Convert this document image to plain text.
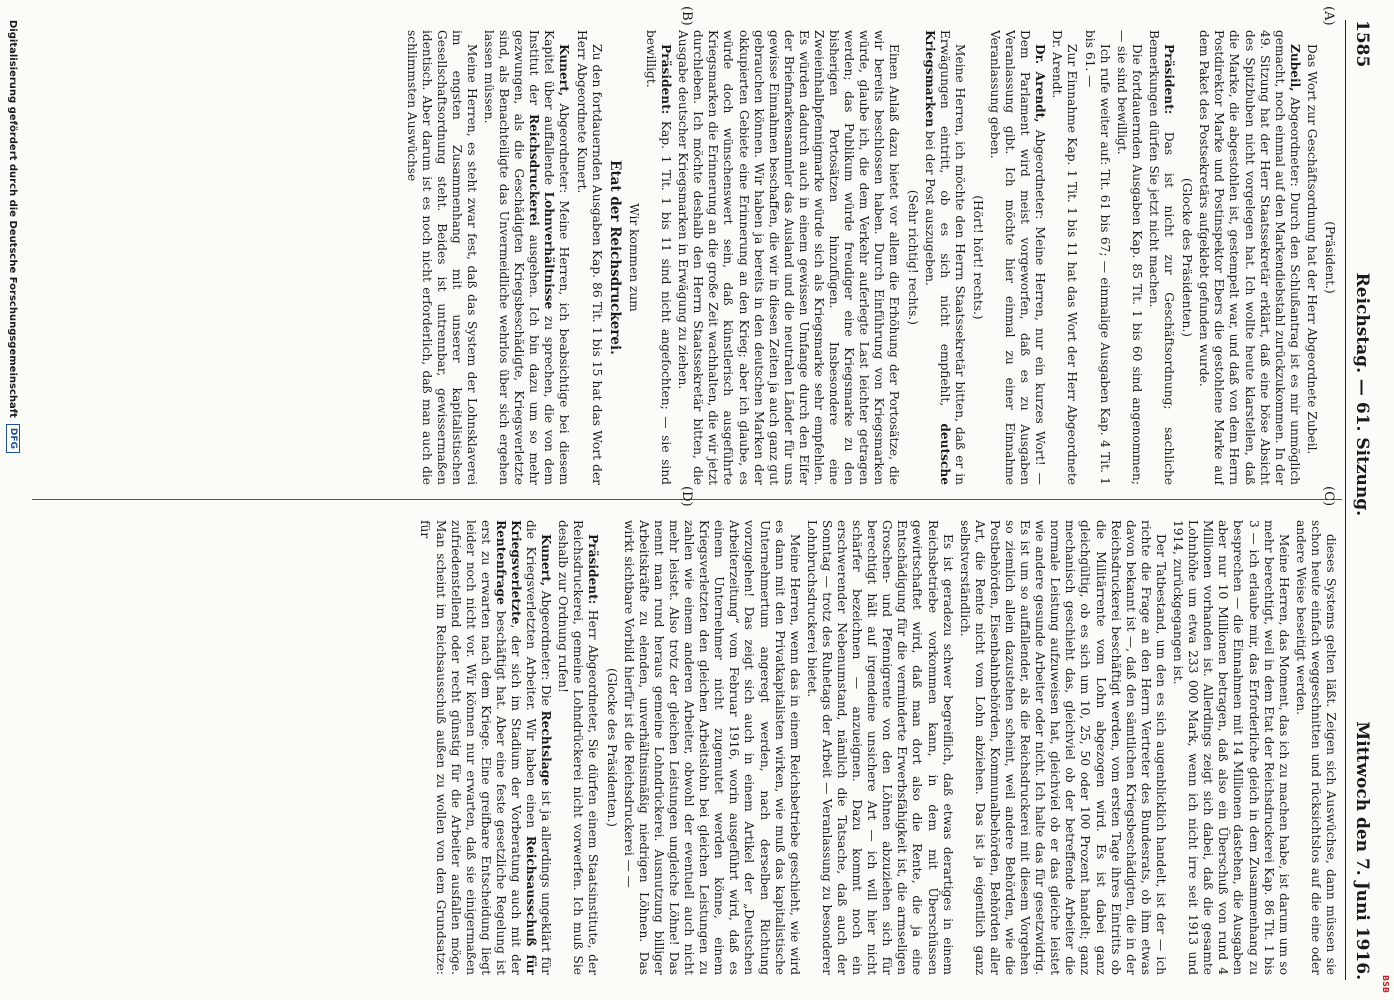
BSB
1585
Reichstag. — 61. Sitzung.
Mittwoch den 7. Juni 1916.
(A)
(B)
(C)
(D)

(Präsident.)

Das Wort zur Geschäftsordnung hat der Herr Abgeordnete Zubeil.

Zubeil, Abgeordneter: Durch den Schlußantrag ist es mir unmöglich gemacht, noch einmal auf den Markendiebstahl zurückzukommen. In der 49. Sitzung hat der Herr Staatssekretär erklärt, daß eine böse Absicht des Spitzbuben nicht vorgelegen hat. Ich wollte heute klarstellen, daß die Marke, die abgestohlen ist, gestempelt war, und daß von dem Herrn Postdirektor Marke und Postinspektor Ebers die gestohlene Marke auf dem Paket des Postsekretärs aufgeklebt gefunden wurde.

(Glocke des Präsidenten.)

Präsident: Das ist nicht zur Geschäftsordnung; sachliche Bemerkungen dürfen Sie jetzt nicht machen.

Die fortdauernden Ausgaben Kap. 85 Tit. 1 bis 60 sind angenommen; — sie sind bewilligt.

Ich rufe weiter auf: Tit. 61 bis 67; — einmalige Ausgaben Kap. 4 Tit. 1 bis 61. —

Zur Einnahme Kap. 1 Tit. 1 bis 11 hat das Wort der Herr Abgeordnete Dr. Arendt.

Dr. Arendt, Abgeordneter: Meine Herren, nur ein kurzes Wort! — Dem Parlament wird meist vorgeworfen, daß es zu Ausgaben Veranlassung gibt. Ich möchte hier einmal zu einer Einnahme Veranlassung geben.

(Hört! hört! rechts.)

Meine Herren, ich möchte den Herrn Staatssekretär bitten, daß er in Erwägungen eintritt, ob es sich nicht empfiehlt, deutsche Kriegsmarken bei der Post auszugeben.

(Sehr richtig! rechts.)

Einen Anlaß dazu bietet vor allem die Erhöhung der Portosätze, die wir bereits beschlossen haben. Durch Einführung von Kriegsmarken würde, glaube ich, die dem Verkehr auferlegte Last leichter getragen werden; das Publikum würde freudiger eine Kriegsmarke zu den bisherigen Portosätzen hinzufügen. Insbesondere eine Zweieinhalbpfennigmarke würde sich als Kriegsmarke sehr empfehlen. Es würden dadurch auch in einem gewissen Umfange durch den Eifer der Briefmarkensammler das Ausland und die neutralen Länder für uns gewisse Einnahmen beschaffen, die wir in diesen Zeiten ja auch ganz gut gebrauchen können. Wir haben ja bereits in den deutschen Marken der okkupierten Gebiete eine Erinnerung an den Krieg; aber ich glaube, es würde doch wünschenswert sein, daß künstlerisch ausgeführte Kriegsmarken die Erinnerung an die große Zeit wachhalten, die wir jetzt durchleben. Ich möchte deshalb den Herrn Staatssekretär bitten, die Ausgabe deutscher Kriegsmarken in Erwägung zu ziehen.

Präsident: Kap. 1 Tit. 1 bis 11 sind nicht angefochten; — sie sind bewilligt.

Wir kommen zum

Etat der Reichsdruckerei.

Zu den fortdauernden Ausgaben Kap. 86 Tit. 1 bis 15 hat das Wort der Herr Abgeordnete Kunert.

Kunert, Abgeordneter: Meine Herren, ich beabsichtige bei diesem Kapitel über auffallende Lohnverhältnisse zu sprechen, die von dem Institut der Reichsdruckerei ausgehen. Ich bin dazu um so mehr gezwungen, als die Geschädigten Kriegsbeschädigte, Kriegsverletzte sind, als Benachteiligte das Unvermeidliche wehrlos über sich ergehen lassen müssen.

Meine Herren, es steht zwar fest, daß das System der Lohnsklaverei im engsten Zusammenhang mit unserer kapitalistischen Gesellschaftsordnung steht. Beides ist untrennbar, gewissermaßen identisch. Aber darum ist es noch nicht erforderlich, daß man auch die schlimmsten Auswüchse

dieses Systems gelten läßt. Zeigen sich Auswüchse, dann müssen sie schon heute einfach weggeschnitten und rücksichtslos auf die eine oder andere Weise beseitigt werden.

Meine Herren, das Moment, das ich zu machen habe, ist darum um so mehr berechtigt, weil in dem Etat der Reichsdruckerei Kap. 86 Tit. 1 bis 3 — ich erlaube mir, das Erforderliche gleich in dem Zusammenhang zu besprechen — die Einnahmen mit 14 Millionen dastehen, die Ausgaben aber nur 10 Millionen betragen, daß also ein Überschuß von rund 4 Millionen vorhanden ist. Allerdings zeigt sich dabei, daß die gesamte Lohnhöhe um etwa 233 000 Mark, wenn ich nicht irre seit 1913 und 1914, zurückgegangen ist.

Der Tatbestand, um den es sich augenblicklich handelt, ist der — ich richte die Frage an den Herrn Vertreter des Bundesrats, ob ihm etwas davon bekannt ist —, daß den sämtlichen Kriegsbeschädigten, die in der Reichsdruckerei beschäftigt werden, vom ersten Tage ihres Eintritts ob die Militärrente vom Lohn abgezogen wird. Es ist dabei ganz gleichgültig, ob es sich um 10, 25, 50 oder 100 Prozent handelt; ganz mechanisch geschieht das, gleichviel ob der betreffende Arbeiter die normale Leistung aufzuweisen hat, gleichviel ob er das gleiche leistet wie andere gesunde Arbeiter oder nicht. Ich halte das für gesetzwidrig. Es ist um so auffallender, als die Reichsdruckerei mit diesem Vorgehen so ziemlich allein dazustehen scheint, weil andere Behörden, wie die Postbehörden, Eisenbahnbehörden, Kommunalbehörden, Behörden aller Art, die Rente nicht vom Lohn abziehen. Das ist ja eigentlich ganz selbstverständlich.

Es ist geradezu schwer begreiflich, daß etwas derartiges in einem Reichsbetriebe vorkommen kann, in dem mit Überschüssen gewirtschaftet wird, daß man dort also die Rente, die ja eine Entschädigung für die verminderte Erwerbsfähigkeit ist, die armseligen Groschen- und Pfennigrente von den Löhnen abzuziehen sich für berechtigt hält auf irgendeine unsichere Art — ich will hier nicht schärfer bezeichnen — anzueignen. Dazu kommt noch ein erschwerender Nebenumstand, nämlich die Tatsache, daß auch der Sonntag — trotz des Ruhetags der Arbeit — Veranlassung zu besonderer Lohnbruchsdruckerei bietet.

Meine Herren, wenn das in einem Reichsbetriebe geschieht, wie wird es dann mit den Privatkapitalisten wirken, wie muß das kapitalistische Unternehmertum angeregt werden, nach derselben Richtung vorzugehen! Das zeigt sich auch in einem Artikel der „Deutschen Arbeiterzeitung“ vom Februar 1916, worin ausgeführt wird, daß es einem Unternehmer nicht zugemutet werden könne, einem Kriegsverletzten den gleichen Arbeitslohn bei gleichen Leistungen zu zahlen wie einem anderen Arbeiter, obwohl der eventuell auch nicht mehr leistet. Also trotz der gleichen Leistungen ungleiche Löhne! Das nennt man rund heraus gemeine Lohndrückerei. Ausnutzung billiger Arbeitskräfte zu elenden, unverhältnismäßig niedrigen Löhnen. Das wirkt sichtbare Vorbild hierfür ist die Reichsdruckerei — —

(Glocke des Präsidenten.)

Präsident: Herr Abgeordneter, Sie dürfen einem Staatsinstitute, der Reichsdruckerei, gemeine Lohndrückerei nicht vorwerfen. Ich muß Sie deshalb zur Ordnung rufen!

Kunert, Abgeordneter: Die Rechtslage ist ja allerdings ungeklärt für die Kriegsverletzten Arbeiter. Wir haben einen Reichsausschuß für Kriegsverletzte, der sich im Stadium der Vorberatung auch mit der Rentenfrage beschäftigt hat. Aber eine feste gesetzliche Regelung ist erst zu erwarten nach dem Kriege. Eine greifbare Entscheidung liegt leider noch nicht vor. Wir können nur erwarten, daß sie einigermaßen zufriedenstellend oder recht günstig für die Arbeiter ausfallen möge. Man scheint im Reichsausschuß außen zu wollen von dem Grundsatze: für

Digitalisierung gefördert durch die Deutsche Forschungsgemeinschaft
DFG
